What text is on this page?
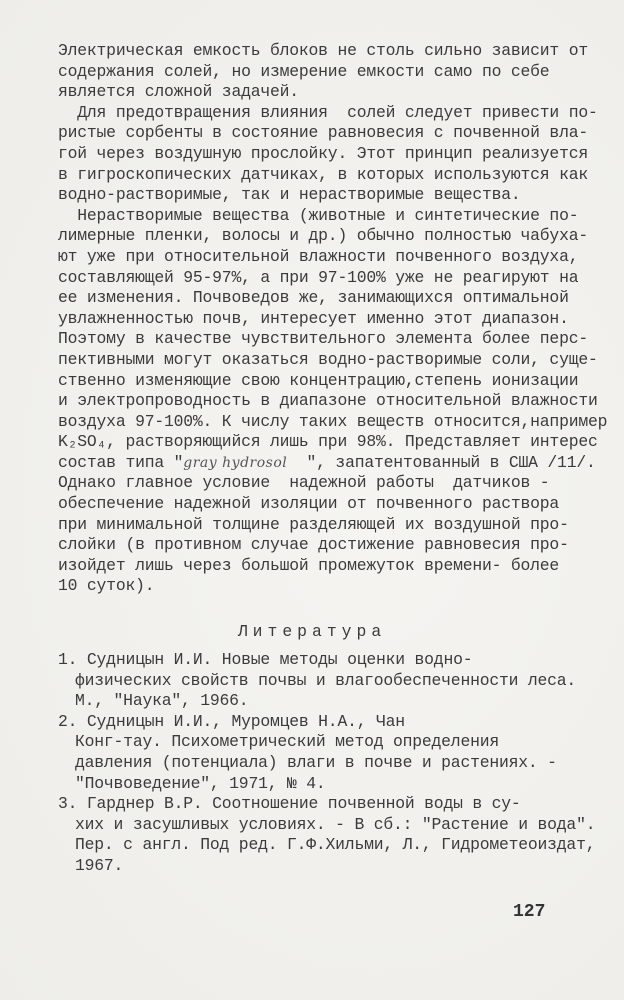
Электрическая емкость блоков не столь сильно зависит от
содержания солей, но измерение емкости само по себе
является сложной задачей.
Для предотвращения влияния  солей следует привести по-
ристые сорбенты в состояние равновесия с почвенной вла-
гой через воздушную прослойку. Этот принцип реализуется
в гигроскопических датчиках, в которых используются как
водно-растворимые, так и нерастворимые вещества.
Нерастворимые вещества (животные и синтетические по-
лимерные пленки, волосы и др.) обычно полностью чабуха-
ют уже при относительной влажности почвенного воздуха,
составляющей 95-97%, а при 97-100% уже не реагируют на
ее изменения. Почвоведов же, занимающихся оптимальной
увлажненностью почв, интересует именно этот диапазон.
Поэтому в качестве чувствительного элемента более перс-
пективными могут оказаться водно-растворимые соли, суще-
ственно изменяющие свою концентрацию,степень ионизации
и электропроводность в диапазоне относительной влажности
воздуха 97-100%. К числу таких веществ относится,например
K₂SO₄, растворяющийся лишь при 98%. Представляет интерес
состав типа "gray hydrosol  ", запатентованный в США /11/.
Однако главное условие  надежной работы  датчиков -
обеспечение надежной изоляции от почвенного раствора
при минимальной толщине разделяющей их воздушной про-
слойки (в противном случае достижение равновесия про-
изойдет лишь через большой промежуток времени- более
10 суток).
Литература
1. Судницын И.И. Новые методы оценки водно-
физических свойств почвы и влагообеспеченности леса.
М., "Наука", 1966.
2. Судницын И.И., Муромцев Н.А., Чан
Конг-тау. Психометрический метод определения
давления (потенциала) влаги в почве и растениях. -
"Почвоведение", 1971, № 4.
3. Гарднер В.Р. Соотношение почвенной воды в су-
хих и засушливых условиях. - В сб.: "Растение и вода".
Пер. с англ. Под ред. Г.Ф.Хильми, Л., Гидрометеоиздат,
1967.
127
